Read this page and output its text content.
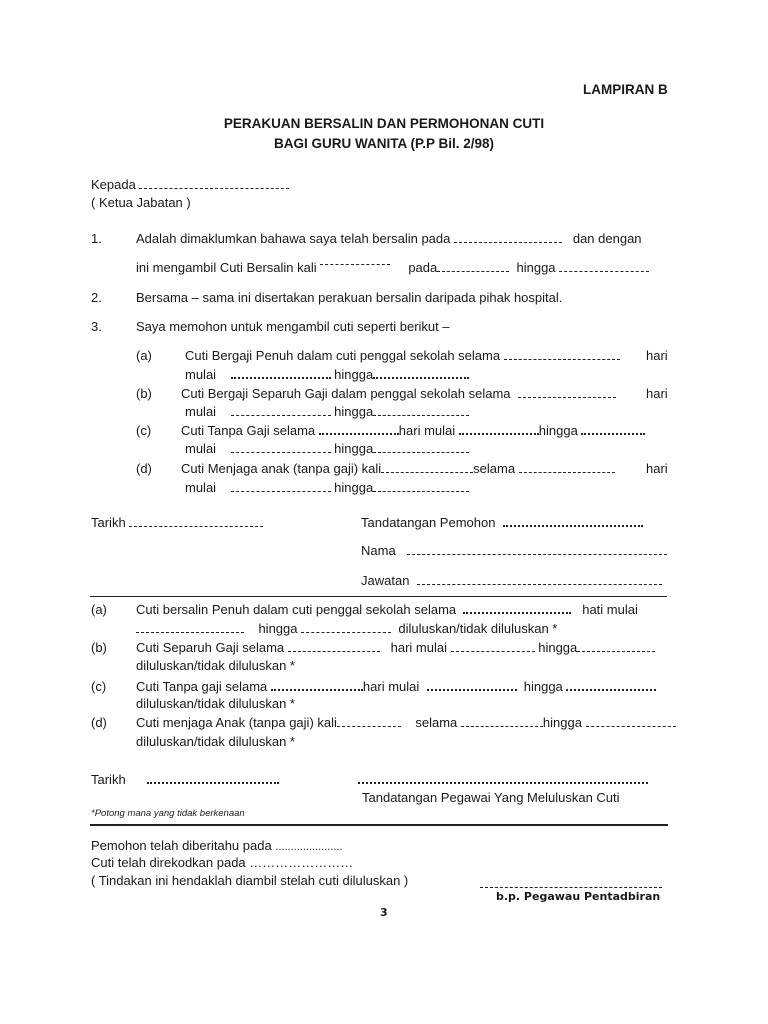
LAMPIRAN B
PERAKUAN BERSALIN DAN PERMOHONAN CUTI
BAGI GURU WANITA (P.P Bil. 2/98)
Kepada
( Ketua Jabatan )
1.	Adalah dimaklumkan bahawa saya telah bersalin pada	dan dengan
ini mengambil Cuti Bersalin kali	pada	hingga
2.	Bersama – sama ini disertakan perakuan bersalin daripada pihak hospital.
3.	Saya memohon untuk mengambil cuti seperti berikut –
(a)	Cuti Bergaji Penuh dalam cuti penggal sekolah selama	hari
mulai	hingga
(b) Cuti Bergaji Separuh Gaji dalam penggal sekolah selama	hari
mulai	hingga
(c) Cuti Tanpa Gaji selama	hari mulai	hingga
mulai	hingga
(d) Cuti Menjaga anak (tanpa gaji) kali	selama	hari
mulai	hingga
Tarikh	Tandatangan Pemohon
Nama
Jawatan
(a) Cuti bersalin Penuh dalam cuti penggal sekolah selama	hati mulai
hingga	diluluskan/tidak diluluskan *
(b) Cuti Separuh Gaji selama	hari mulai	hingga
diluluskan/tidak diluluskan *
(c) Cuti Tanpa gaji selama	hari mulai	hingga
diluluskan/tidak diluluskan *
(d) Cuti menjaga Anak (tanpa gaji) kali	selama	hingga
diluluskan/tidak diluluskan *
Tarikh
Tandatangan Pegawai Yang Meluluskan Cuti
*Potong mana yang tidak berkenaan
Pemohon telah diberitahu pada ......................
Cuti telah direkodkan pada ……………………
( Tindakan ini hendaklah diambil stelah cuti diluluskan )
b.p. Pegawau Pentadbiran
3
